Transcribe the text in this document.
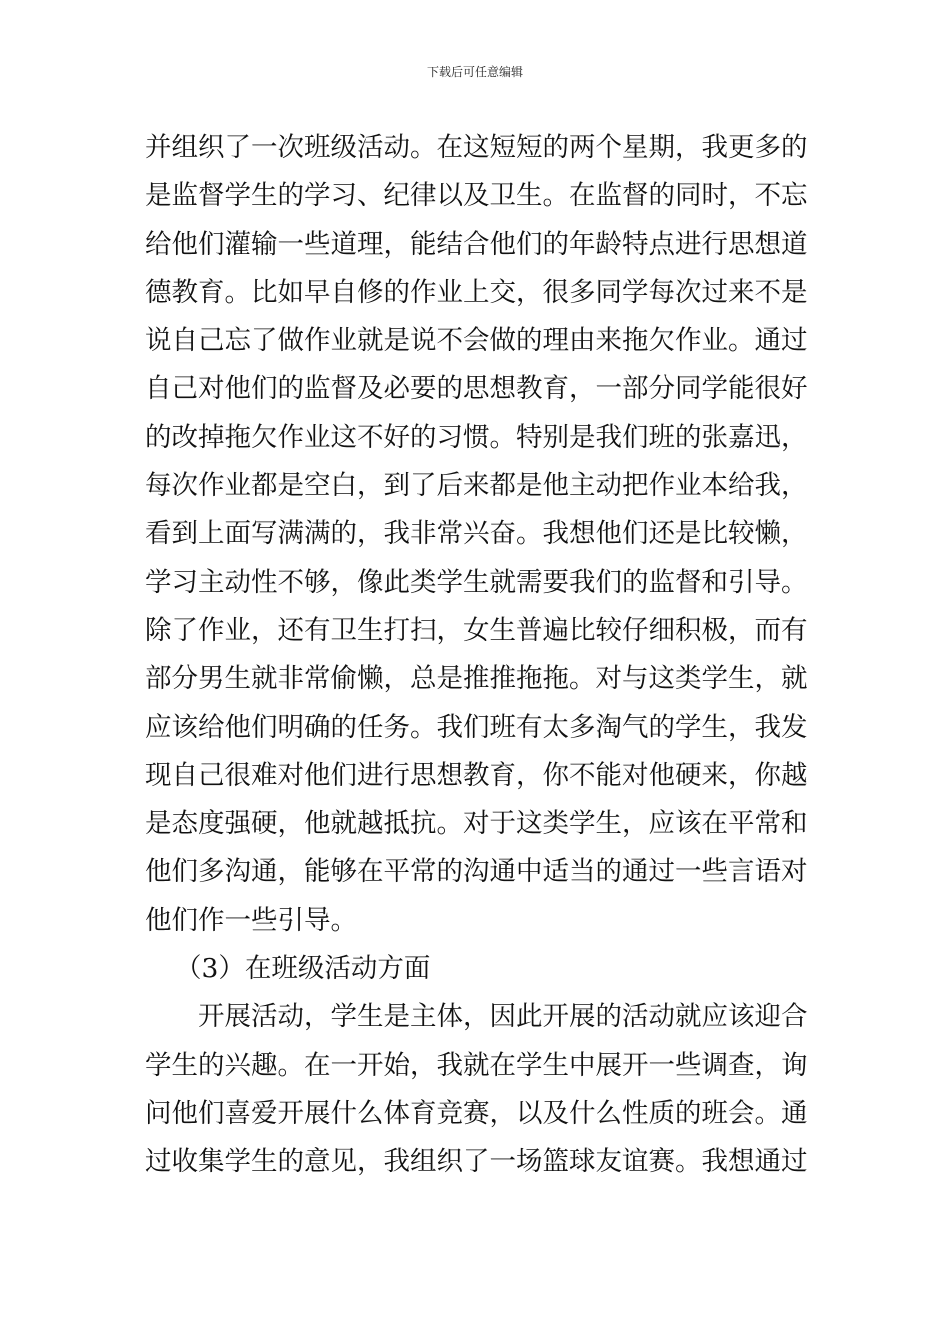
下载后可任意编辑
并组织了一次班级活动。在这短短的两个星期，我更多的
是监督学生的学习、纪律以及卫生。在监督的同时，不忘
给他们灌输一些道理，能结合他们的年龄特点进行思想道
德教育。比如早自修的作业上交，很多同学每次过来不是
说自己忘了做作业就是说不会做的理由来拖欠作业。通过
自己对他们的监督及必要的思想教育，一部分同学能很好
的改掉拖欠作业这不好的习惯。特别是我们班的张嘉迅，
每次作业都是空白，到了后来都是他主动把作业本给我，
看到上面写满满的，我非常兴奋。我想他们还是比较懒，
学习主动性不够，像此类学生就需要我们的监督和引导。
除了作业，还有卫生打扫，女生普遍比较仔细积极，而有
部分男生就非常偷懒，总是推推拖拖。对与这类学生，就
应该给他们明确的任务。我们班有太多淘气的学生，我发
现自己很难对他们进行思想教育，你不能对他硬来，你越
是态度强硬，他就越抵抗。对于这类学生，应该在平常和
他们多沟通，能够在平常的沟通中适当的通过一些言语对
他们作一些引导。
（3）在班级活动方面
开展活动，学生是主体，因此开展的活动就应该迎合
学生的兴趣。在一开始，我就在学生中展开一些调查，询
问他们喜爱开展什么体育竞赛，以及什么性质的班会。通
过收集学生的意见，我组织了一场篮球友谊赛。我想通过
